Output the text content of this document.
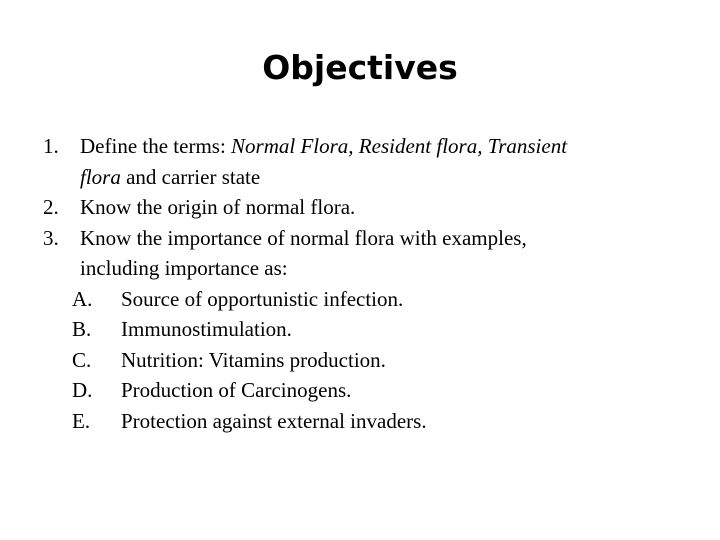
Objectives
1. Define the terms: Normal Flora, Resident flora, Transient
flora and carrier state
2. Know the origin of normal flora.
3. Know the importance of normal flora with examples,
including importance as:
A. Source of opportunistic infection.
B. Immunostimulation.
C. Nutrition: Vitamins production.
D. Production of Carcinogens.
E. Protection against external invaders.
